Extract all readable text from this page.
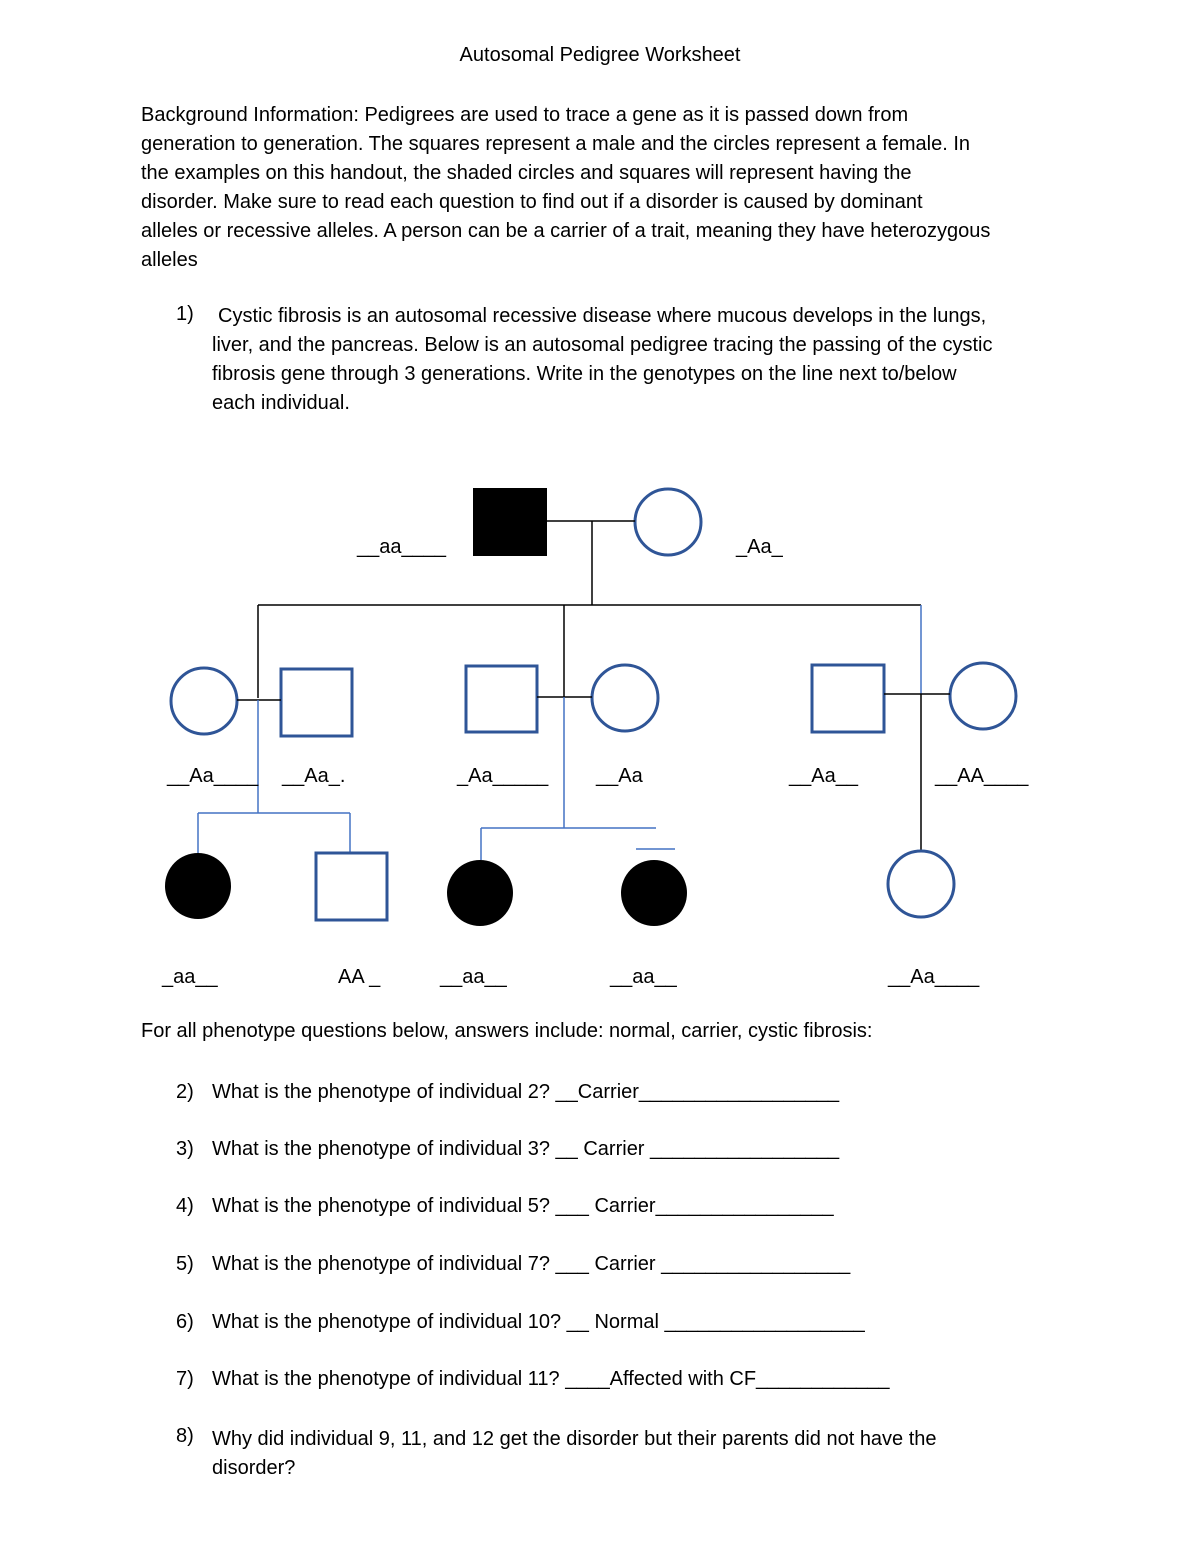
Autosomal Pedigree Worksheet
Background Information: Pedigrees are used to trace a gene as it is passed down from
generation to generation. The squares represent a male and the circles represent a female. In
the examples on this handout, the shaded circles and squares will represent having the
disorder. Make sure to read each question to find out if a disorder is caused by dominant
alleles or recessive alleles. A person can be a carrier of a trait, meaning they have heterozygous
alleles
1)	Cystic fibrosis is an autosomal recessive disease where mucous develops in the lungs,
liver, and the pancreas. Below is an autosomal pedigree tracing the passing of the cystic
fibrosis gene through 3 generations. Write in the genotypes on the line next to/below
each individual.
__aa____	_Aa_
__Aa____ __Aa_.	_Aa_____ __Aa	__Aa__	__AA____
_aa__	AA _	__aa__	__aa__	__Aa____
For all phenotype questions below, answers include: normal, carrier, cystic fibrosis:
2) What is the phenotype of individual 2? __Carrier__________________
3) What is the phenotype of individual 3? __ Carrier _________________
4) What is the phenotype of individual 5? ___ Carrier________________
5) What is the phenotype of individual 7? ___ Carrier _________________
6) What is the phenotype of individual 10? __ Normal __________________
7) What is the phenotype of individual 11? ____Affected with CF____________
8) Why did individual 9, 11, and 12 get the disorder but their parents did not have the
disorder?
